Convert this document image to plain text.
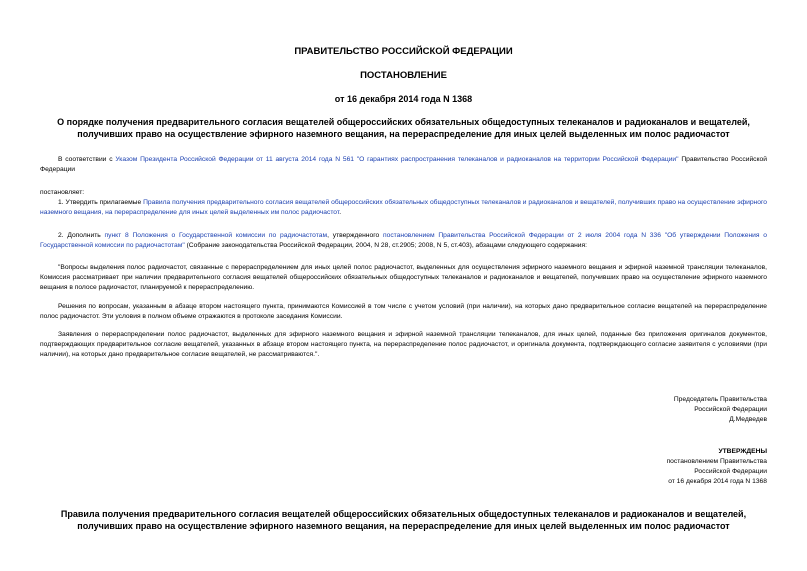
ПРАВИТЕЛЬСТВО РОССИЙСКОЙ ФЕДЕРАЦИИ
ПОСТАНОВЛЕНИЕ
от 16 декабря 2014 года N 1368
О порядке получения предварительного согласия вещателей общероссийских обязательных общедоступных телеканалов и радиоканалов и вещателей, получивших право на осуществление эфирного наземного вещания, на перераспределение для иных целей выделенных им полос радиочастот
В соответствии с Указом Президента Российской Федерации от 11 августа 2014 года N 561 "О гарантиях распространения телеканалов и радиоканалов на территории Российской Федерации" Правительство Российской Федерации
постановляет:
1. Утвердить прилагаемые Правила получения предварительного согласия вещателей общероссийских обязательных общедоступных телеканалов и радиоканалов и вещателей, получивших право на осуществление эфирного наземного вещания, на перераспределение для иных целей выделенных им полос радиочастот.
2. Дополнить пункт 8 Положения о Государственной комиссии по радиочастотам, утвержденного постановлением Правительства Российской Федерации от 2 июля 2004 года N 336 "Об утверждении Положения о Государственной комиссии по радиочастотам" (Собрание законодательства Российской Федерации, 2004, N 28, ст.2905; 2008, N 5, ст.403), абзацами следующего содержания:
"Вопросы выделения полос радиочастот, связанные с перераспределением для иных целей полос радиочастот, выделенных для осуществления эфирного наземного вещания и эфирной наземной трансляции телеканалов, Комиссия рассматривает при наличии предварительного согласия вещателей общероссийских обязательных общедоступных телеканалов и радиоканалов и вещателей, получивших право на осуществление эфирного наземного вещания в полосе радиочастот, планируемой к перераспределению.
Решения по вопросам, указанным в абзаце втором настоящего пункта, принимаются Комиссией в том числе с учетом условий (при наличии), на которых дано предварительное согласие вещателей на перераспределение полос радиочастот. Эти условия в полном объеме отражаются в протоколе заседания Комиссии.
Заявления о перераспределении полос радиочастот, выделенных для эфирного наземного вещания и эфирной наземной трансляции телеканалов, для иных целей, поданные без приложения оригиналов документов, подтверждающих предварительное согласие вещателей, указанных в абзаце втором настоящего пункта, на перераспределение полос радиочастот, и оригинала документа, подтверждающего согласие заявителя с условиями (при наличии), на которых дано предварительное согласие вещателей, не рассматриваются.".
Председатель Правительства
Российской Федерации
Д.Медведев
УТВЕРЖДЕНЫ
постановлением Правительства
Российской Федерации
от 16 декабря 2014 года N 1368
Правила получения предварительного согласия вещателей общероссийских обязательных общедоступных телеканалов и радиоканалов и вещателей, получивших право на осуществление эфирного наземного вещания, на перераспределение для иных целей выделенных им полос радиочастот
